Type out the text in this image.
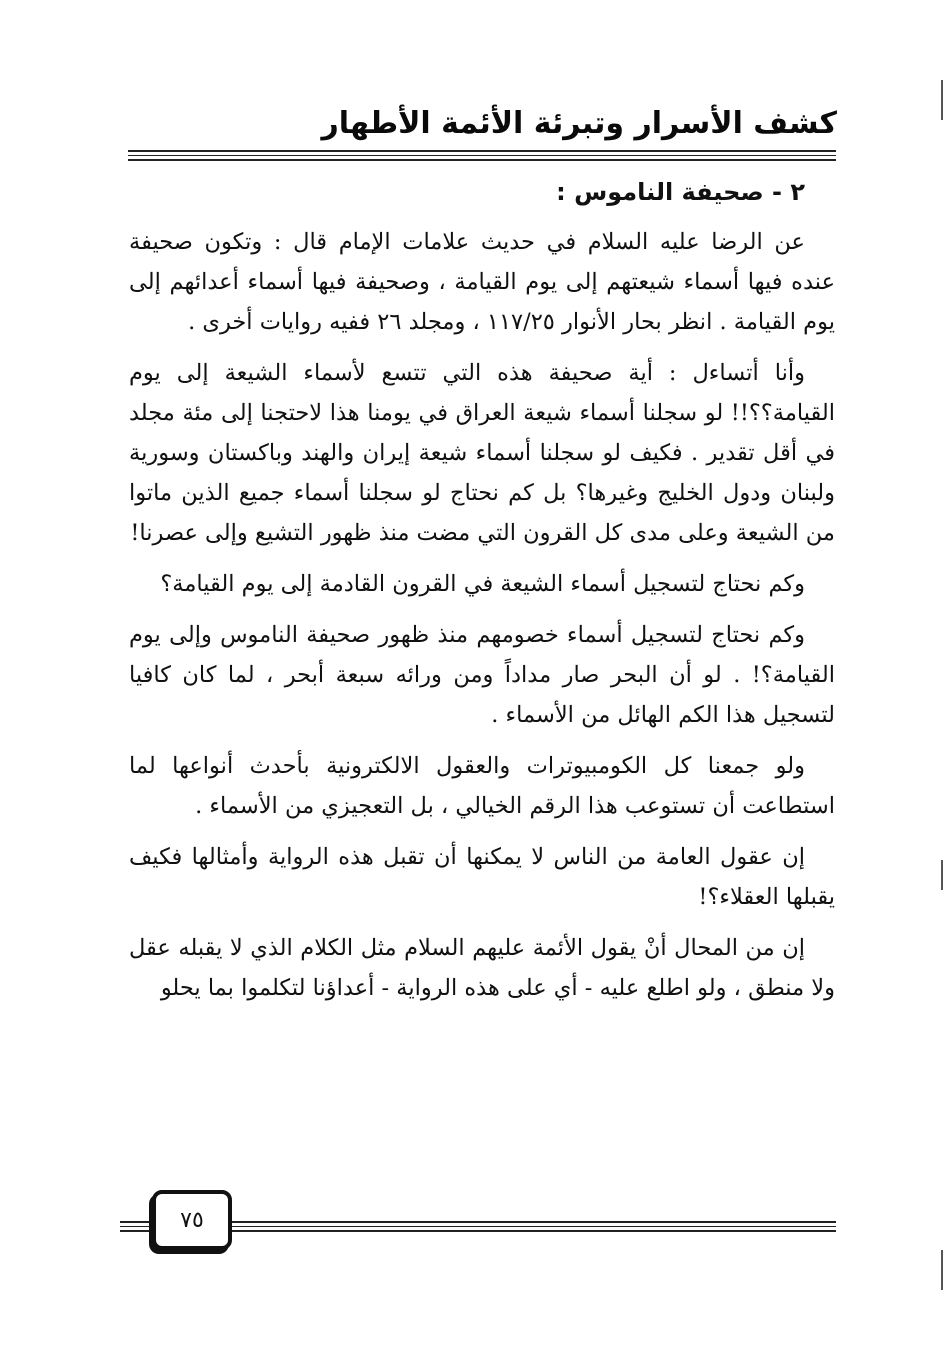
كشف الأسرار وتبرئة الأئمة الأطهار
٢ - صحيفة الناموس :

عن الرضا عليه السلام في حديث علامات الإمام قال : وتكون صحيفة عنده فيها أسماء شيعتهم إلى يوم القيامة ، وصحيفة فيها أسماء أعدائهم إلى يوم القيامة . انظر بحار الأنوار ١١٧/٢٥ ، ومجلد ٢٦ ففيه روايات أخرى .

وأنا أتساءل : أية صحيفة هذه التي تتسع لأسماء الشيعة إلى يوم القيامة؟؟!! لو سجلنا أسماء شيعة العراق في يومنا هذا لاحتجنا إلى مئة مجلد في أقل تقدير . فكيف لو سجلنا أسماء شيعة إيران والهند وباكستان وسورية ولبنان ودول الخليج وغيرها؟ بل كم نحتاج لو سجلنا أسماء جميع الذين ماتوا من الشيعة وعلى مدى كل القرون التي مضت منذ ظهور التشيع وإلى عصرنا!

وكم نحتاج لتسجيل أسماء الشيعة في القرون القادمة إلى يوم القيامة؟

وكم نحتاج لتسجيل أسماء خصومهم منذ ظهور صحيفة الناموس وإلى يوم القيامة؟! . لو أن البحر صار مداداً ومن ورائه سبعة أبحر ، لما كان كافيا لتسجيل هذا الكم الهائل من الأسماء .

ولو جمعنا كل الكومبيوترات والعقول الالكترونية بأحدث أنواعها لما استطاعت أن تستوعب هذا الرقم الخيالي ، بل التعجيزي من الأسماء .

إن عقول العامة من الناس لا يمكنها أن تقبل هذه الرواية وأمثالها فكيف يقبلها العقلاء؟!

إن من المحال أنْ يقول الأئمة عليهم السلام مثل الكلام الذي لا يقبله عقل ولا منطق ، ولو اطلع عليه - أي على هذه الرواية - أعداؤنا لتكلموا بما يحلو

٧٥
